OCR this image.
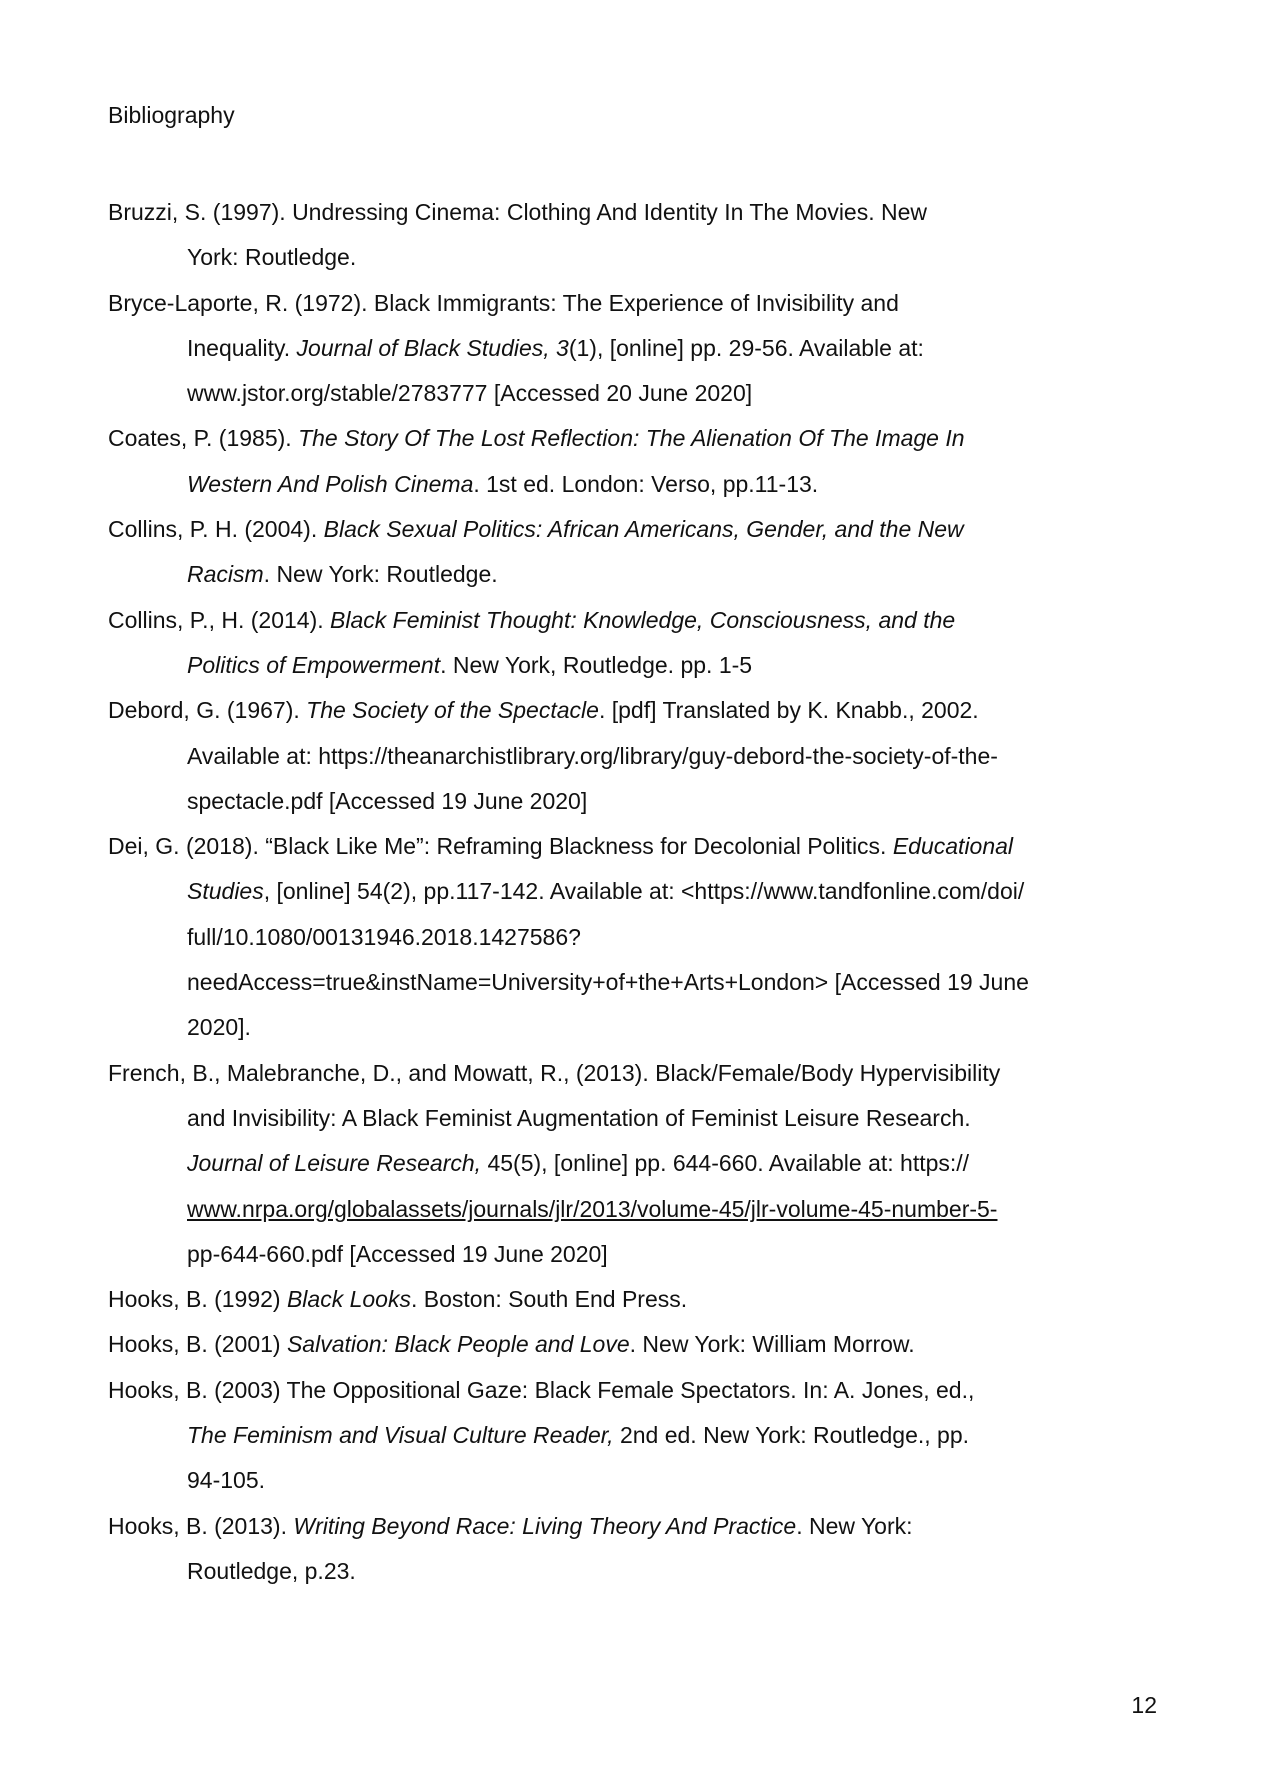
Bibliography
Bruzzi, S. (1997). Undressing Cinema: Clothing And Identity In The Movies. New
York: Routledge.
Bryce-Laporte, R. (1972). Black Immigrants: The Experience of Invisibility and
Inequality. Journal of Black Studies, 3(1), [online] pp. 29-56. Available at:
www.jstor.org/stable/2783777 [Accessed 20 June 2020]
Coates, P. (1985). The Story Of The Lost Reflection: The Alienation Of The Image In
Western And Polish Cinema. 1st ed. London: Verso, pp.11-13.
Collins, P. H. (2004). Black Sexual Politics: African Americans, Gender, and the New
Racism. New York: Routledge.
Collins, P., H. (2014). Black Feminist Thought: Knowledge, Consciousness, and the
Politics of Empowerment. New York, Routledge. pp. 1-5
Debord, G. (1967). The Society of the Spectacle. [pdf] Translated by K. Knabb., 2002.
Available at: https://theanarchistlibrary.org/library/guy-debord-the-society-of-the-
spectacle.pdf [Accessed 19 June 2020]
Dei, G. (2018). “Black Like Me”: Reframing Blackness for Decolonial Politics. Educational
Studies, [online] 54(2), pp.117-142. Available at: <https://www.tandfonline.com/doi/
full/10.1080/00131946.2018.1427586?
needAccess=true&instName=University+of+the+Arts+London> [Accessed 19 June
2020].
French, B., Malebranche, D., and Mowatt, R., (2013). Black/Female/Body Hypervisibility
and Invisibility: A Black Feminist Augmentation of Feminist Leisure Research.
Journal of Leisure Research, 45(5), [online] pp. 644-660. Available at: https://
www.nrpa.org/globalassets/journals/jlr/2013/volume-45/jlr-volume-45-number-5-
pp-644-660.pdf [Accessed 19 June 2020]
Hooks, B. (1992) Black Looks. Boston: South End Press.
Hooks, B. (2001) Salvation: Black People and Love. New York: William Morrow.
Hooks, B. (2003) The Oppositional Gaze: Black Female Spectators. In: A. Jones, ed.,
The Feminism and Visual Culture Reader, 2nd ed. New York: Routledge., pp.
94-105.
Hooks, B. (2013). Writing Beyond Race: Living Theory And Practice. New York:
Routledge, p.23.
12
